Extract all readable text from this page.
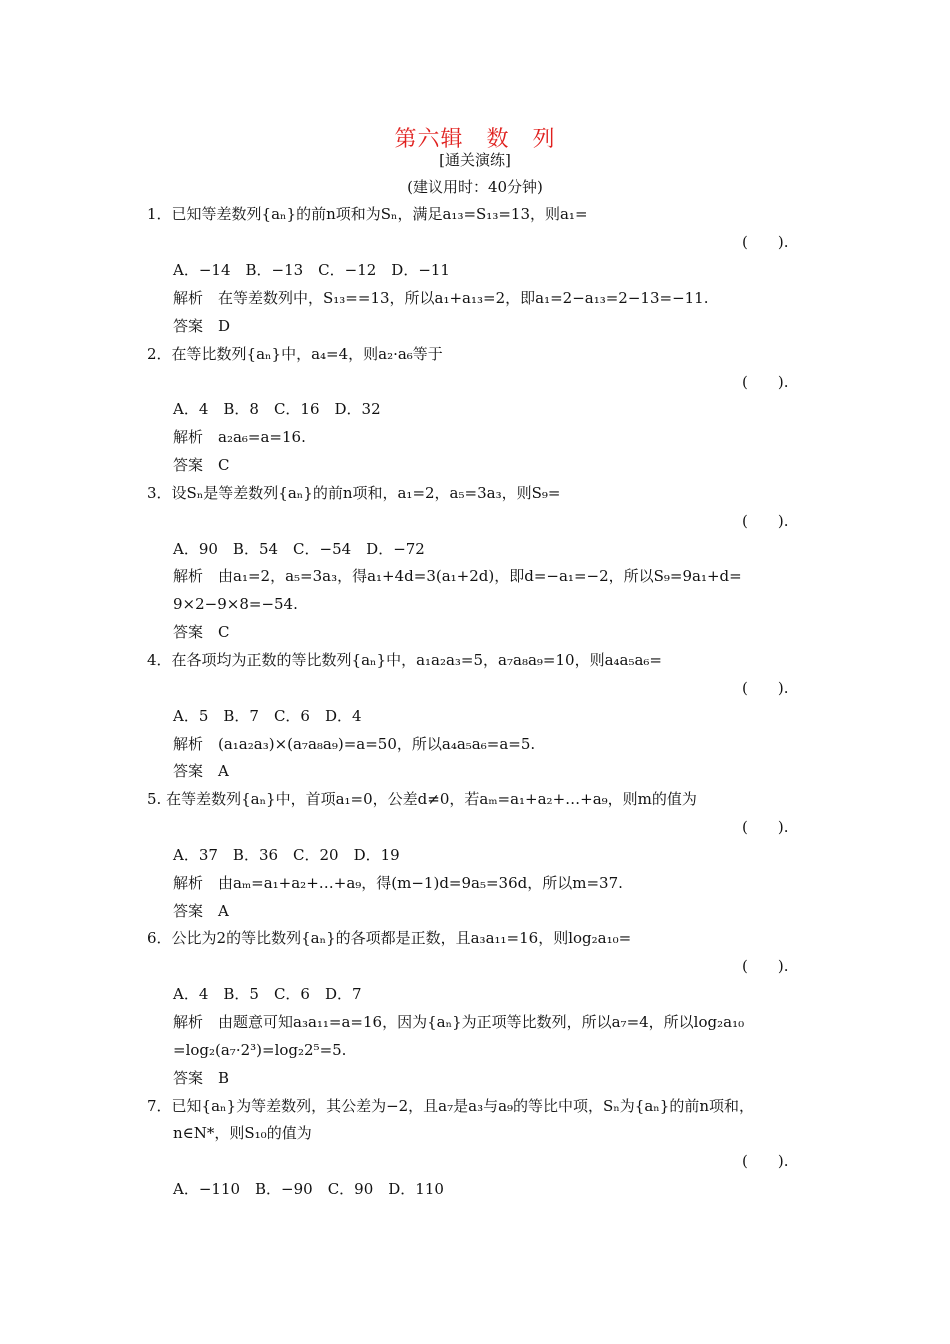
第六辑　数　列
[通关演练]
(建议用时：40分钟)
1．已知等差数列{aₙ}的前n项和为Sₙ，满足a₁₃=S₁₃=13，则a₁=
(　　).
A．−14　B．−13　C．−12　D．−11
解析　在等差数列中，S₁₃==13，所以a₁+a₁₃=2，即a₁=2−a₁₃=2−13=−11.
答案　D
2．在等比数列{aₙ}中，a₄=4，则a₂·a₆等于
(　　).
A．4　B．8　C．16　D．32
解析　a₂a₆=a=16.
答案　C
3．设Sₙ是等差数列{aₙ}的前n项和，a₁=2，a₅=3a₃，则S₉=
(　　).
A．90　B．54　C．−54　D．−72
解析　由a₁=2，a₅=3a₃，得a₁+4d=3(a₁+2d)，即d=−a₁=−2，所以S₉=9a₁+d=
9×2−9×8=−54.
答案　C
4．在各项均为正数的等比数列{aₙ}中，a₁a₂a₃=5，a₇a₈a₉=10，则a₄a₅a₆=
(　　).
A．5　B．7　C．6　D．4
解析　(a₁a₂a₃)×(a₇a₈a₉)=a=50，所以a₄a₅a₆=a=5.
答案　A
5. 在等差数列{aₙ}中，首项a₁=0，公差d≠0，若aₘ=a₁+a₂+…+a₉，则m的值为
(　　).
A．37　B．36　C．20　D．19
解析　由aₘ=a₁+a₂+…+a₉，得(m−1)d=9a₅=36d，所以m=37.
答案　A
6．公比为2的等比数列{aₙ}的各项都是正数，且a₃a₁₁=16，则log₂a₁₀=
(　　).
A．4　B．5　C．6　D．7
解析　由题意可知a₃a₁₁=a=16，因为{aₙ}为正项等比数列，所以a₇=4，所以log₂a₁₀
=log₂(a₇·2³)=log₂2⁵=5.
答案　B
7．已知{aₙ}为等差数列，其公差为−2，且a₇是a₃与a₉的等比中项，Sₙ为{aₙ}的前n项和，
n∈N*，则S₁₀的值为
(　　).
A．−110　B．−90　C．90　D．110
